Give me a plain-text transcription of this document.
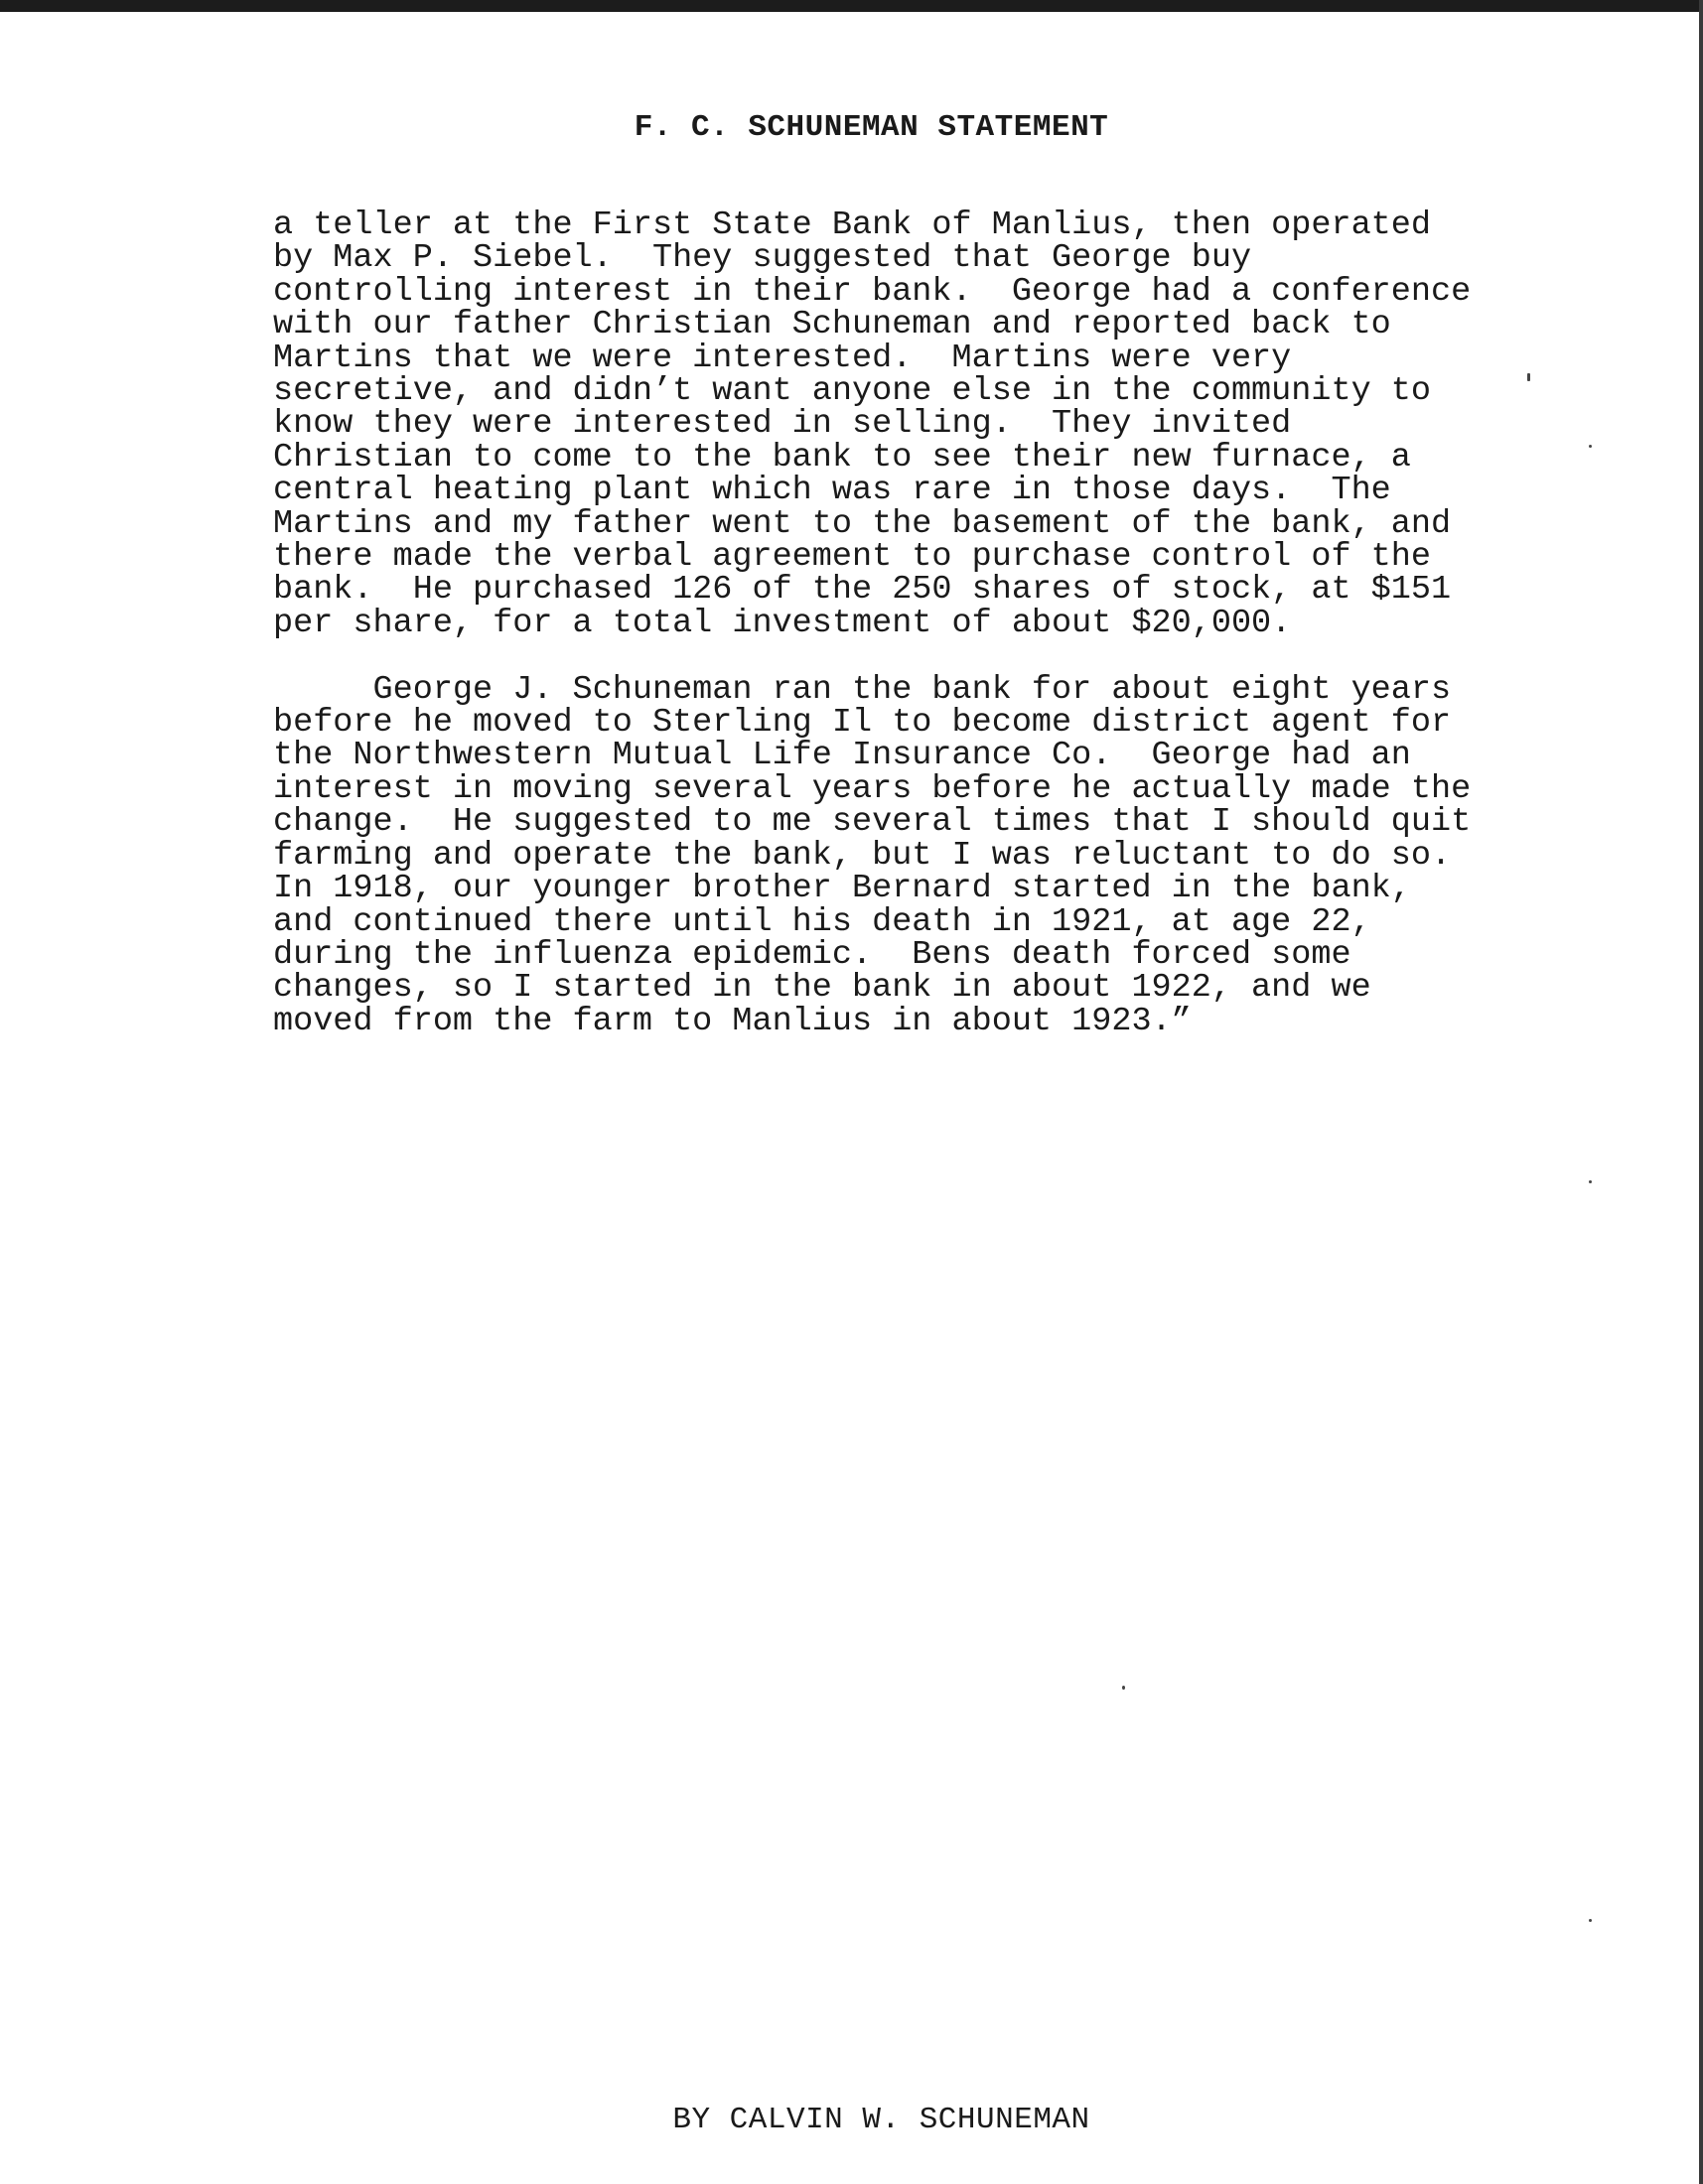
F. C. SCHUNEMAN STATEMENT

a teller at the First State Bank of Manlius, then operated
by Max P. Siebel.  They suggested that George buy
controlling interest in their bank.  George had a conference
with our father Christian Schuneman and reported back to
Martins that we were interested.  Martins were very
secretive, and didn’t want anyone else in the community to
know they were interested in selling.  They invited
Christian to come to the bank to see their new furnace, a
central heating plant which was rare in those days.  The
Martins and my father went to the basement of the bank, and
there made the verbal agreement to purchase control of the
bank.  He purchased 126 of the 250 shares of stock, at $151
per share, for a total investment of about $20,000.

George J. Schuneman ran the bank for about eight years
before he moved to Sterling Il to become district agent for
the Northwestern Mutual Life Insurance Co.  George had an
interest in moving several years before he actually made the
change.  He suggested to me several times that I should quit
farming and operate the bank, but I was reluctant to do so.
In 1918, our younger brother Bernard started in the bank,
and continued there until his death in 1921, at age 22,
during the influenza epidemic.  Bens death forced some
changes, so I started in the bank in about 1922, and we
moved from the farm to Manlius in about 1923.”

BY CALVIN W. SCHUNEMAN
